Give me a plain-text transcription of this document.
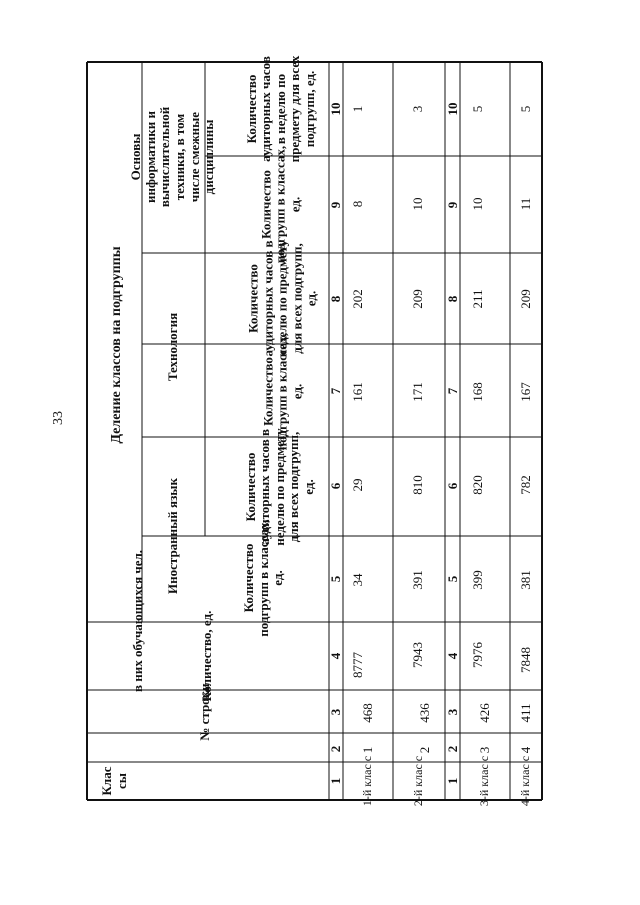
33	Деление классов на подгруппы
Клас сы
№ строки
Количество, ед.
в них обучающихся чел.
Иностранный язык
Технология
Основы информатики и вычислительной техники, в том числе смежные дисциплины
Количество подгрупп в классах, ед.
Количество аудиторных часов в неделю по предмету для всех подгрупп, ед.
Количество подгрупп в классах, ед.
Количество аудиторных часов в неделю по предмету для всех подгрупп, ед.
Количество подгрупп в классах, ед.
Количество аудиторных часов в неделю по предмету для всех подгрупп, ед.
1
2
3
4
5
6
7
8
9
10
1
2
3
4
5
6
7
8
9
10
1-й клас с
1
468
8777
34
29
161
202
8
1
2-й клас с
2
436
7943
391
810
171
209
10
3
3-й клас с
3
426
7976
399
820
168
211
10
5
4-й клас с
4
411
7848
381
782
167
209
11
5
